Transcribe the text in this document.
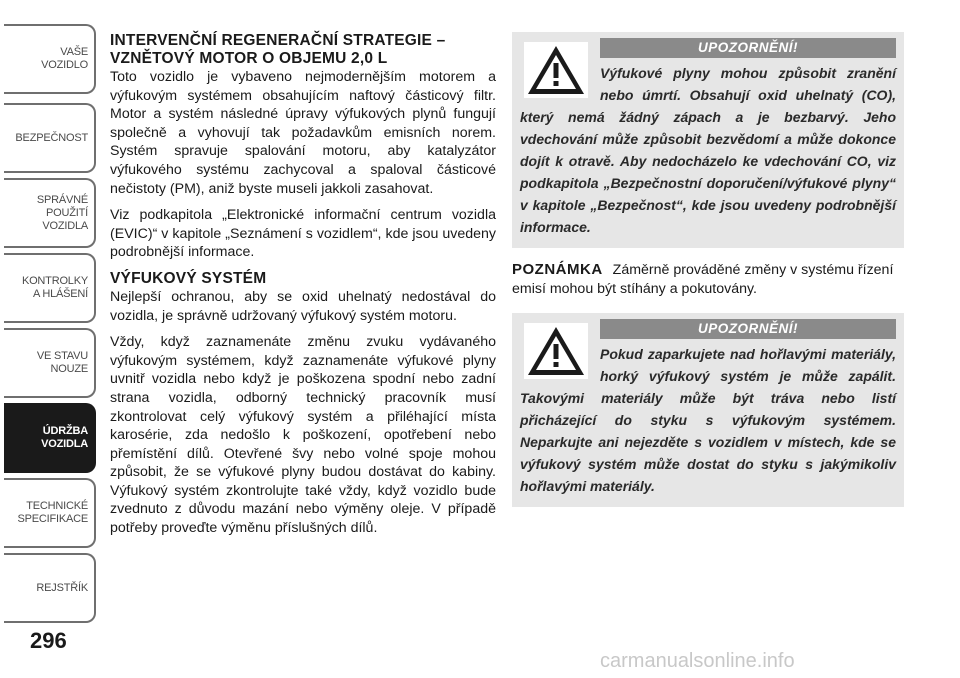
VAŠE
VOZIDLO
BEZPEČNOST
SPRÁVNÉ
POUŽITÍ
VOZIDLA
KONTROLKY
A HLÁŠENÍ
VE STAVU
NOUZE
ÚDRŽBA
VOZIDLA
TECHNICKÉ
SPECIFIKACE
REJSTŘÍK
296
INTERVENČNÍ REGENERAČNÍ STRATEGIE – VZNĚTOVÝ MOTOR O OBJEMU 2,0 L

Toto vozidlo je vybaveno nejmodernějším motorem a výfukovým systémem obsahujícím naftový částicový filtr. Motor a systém následné úpravy výfukových plynů fungují společně a vyhovují tak požadavkům emisních norem. Systém spravuje spalování motoru, aby katalyzátor výfukového systému zachycoval a spaloval částicové nečistoty (PM), aniž byste museli jakkoli zasahovat.

Viz podkapitola „Elektronické informační centrum vozidla (EVIC)“ v kapitole „Seznámení s vozidlem“, kde jsou uvedeny podrobnější informace.

VÝFUKOVÝ SYSTÉM

Nejlepší ochranou, aby se oxid uhelnatý nedostával do vozidla, je správně udržovaný výfukový systém motoru.

Vždy, když zaznamenáte změnu zvuku vydávaného výfukovým systémem, když zaznamenáte výfukové plyny uvnitř vozidla nebo když je poškozena spodní nebo zadní strana vozidla, odborný technický pracovník musí zkontrolovat celý výfukový systém a přiléhající místa karosérie, zda nedošlo k poškození, opotřebení nebo přemístění dílů. Otevřené švy nebo volné spoje mohou způsobit, že se výfukové plyny budou dostávat do kabiny. Výfukový systém zkontrolujte také vždy, když vozidlo bude zvednuto z důvodu mazání nebo výměny oleje. V případě potřeby proveďte výměnu příslušných dílů.

UPOZORNĚNÍ!
Výfukové plyny mohou způsobit zranění nebo úmrtí. Obsahují oxid uhelnatý (CO), který nemá žádný zápach a je bezbarvý. Jeho vdechování může způsobit bezvědomí a může dokonce dojít k otravě. Aby nedocházelo ke vdechování CO, viz podkapitola „Bezpečnostní doporučení/výfukové plyny“ v kapitole „Bezpečnost“, kde jsou uvedeny podrobnější informace.
POZNÁMKA Záměrně prováděné změny v systému řízení emisí mohou být stíhány a pokutovány.
UPOZORNĚNÍ!
Pokud zaparkujete nad hořlavými materiály, horký výfukový systém je může zapálit. Takovými materiály může být tráva nebo listí přicházející do styku s výfukovým systémem. Neparkujte ani nejezděte s vozidlem v místech, kde se výfukový systém může dostat do styku s jakýmikoliv hořlavými materiály.
carmanualsonline.info
